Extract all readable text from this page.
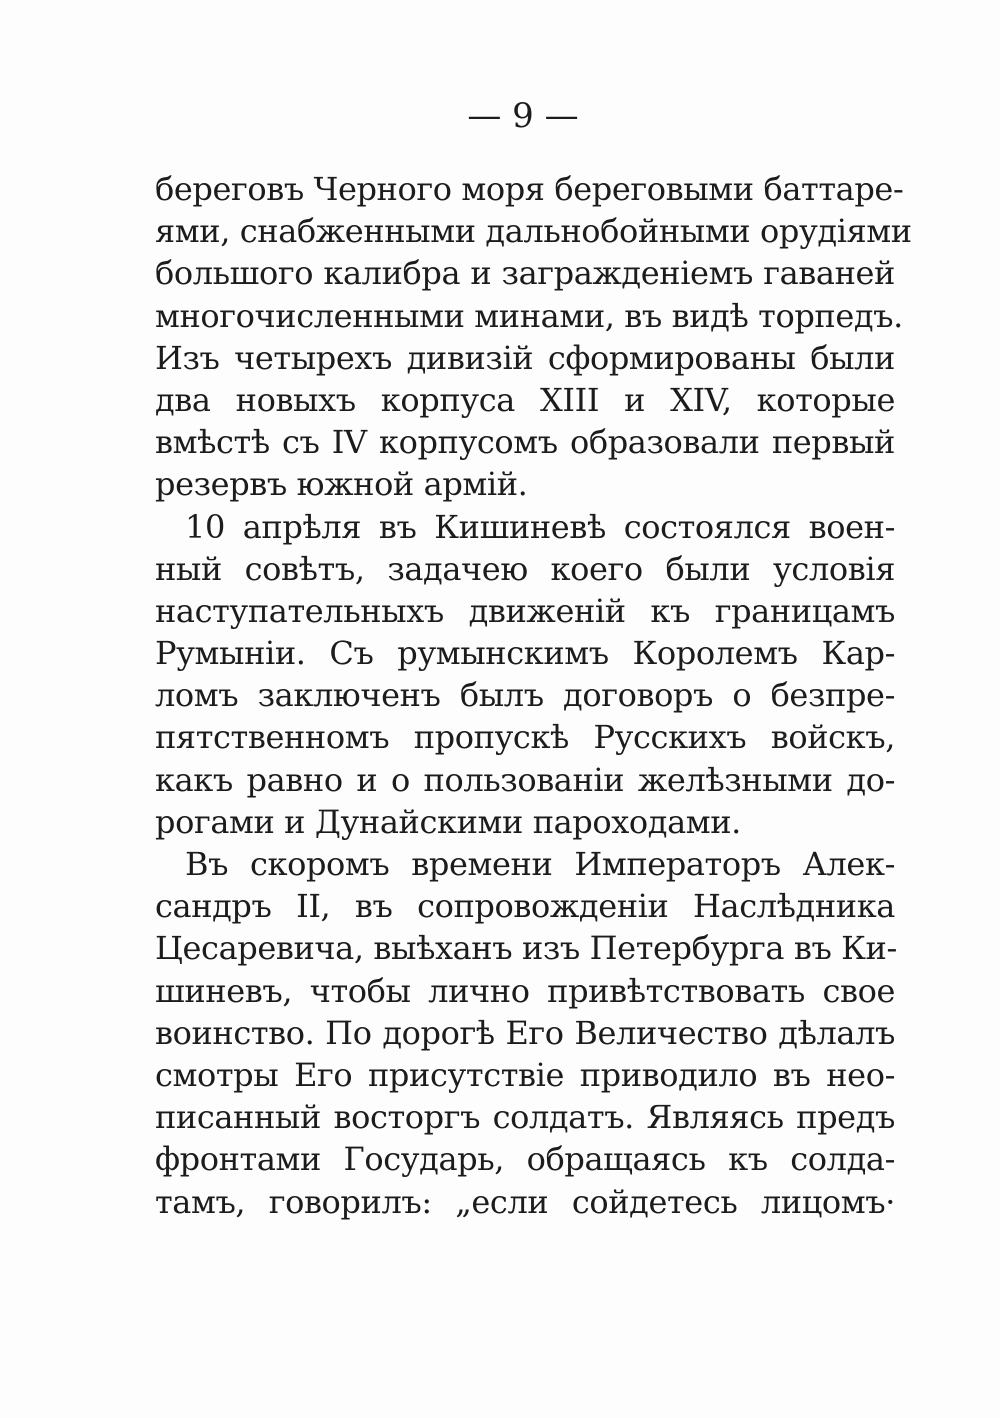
— 9 —
береговъ Черного моря береговыми баттаре-
ями, снабженными дальнобойными орудіями
большого калибра и загражденіемъ гаваней
многочисленными минами, въ видѣ торпедъ.
Изъ четырехъ дивизій сформированы были
два новыхъ корпуса XIII и XIV, которые
вмѣстѣ съ IV корпусомъ образовали первый
резервъ южной армій.
10 апрѣля въ Кишиневѣ состоялся воен-
ный совѣтъ, задачею коего были условія
наступательныхъ движеній къ границамъ
Румыніи. Съ румынскимъ Королемъ Кар-
ломъ заключенъ былъ договоръ о безпре-
пятственномъ пропускѣ Русскихъ войскъ,
какъ равно и о пользованіи желѣзными до-
рогами и Дунайскими пароходами.
Въ скоромъ времени Императоръ Алек-
сандръ II, въ сопровожденіи Наслѣдника
Цесаревича, выѣханъ изъ Петербурга въ Ки-
шиневъ, чтобы лично привѣтствовать свое
воинство. По дорогѣ Его Величество дѣлалъ
смотры Его присутствіе приводило въ нео-
писанный восторгъ солдатъ. Являясь предъ
фронтами Государь, обращаясь къ солда-
тамъ, говорилъ: „если сойдетесь лицомъ·
